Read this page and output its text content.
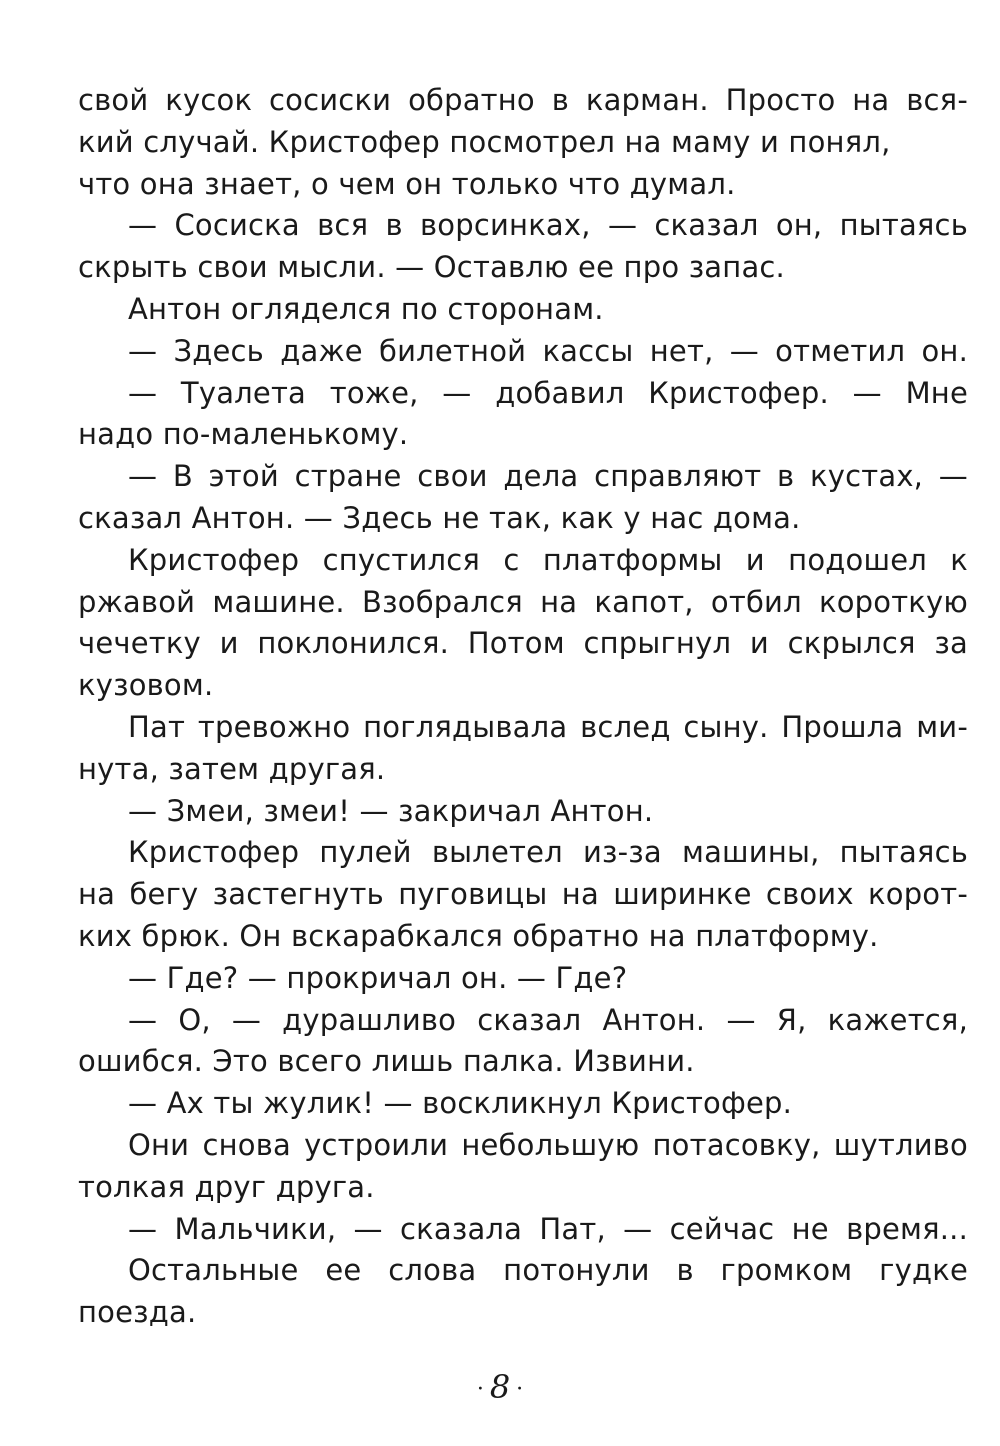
свой кусок сосиски обратно в карман. Просто на вся-
кий случай. Кристофер посмотрел на маму и понял,
что она знает, о чем он только что думал.
— Сосиска вся в ворсинках, — сказал он, пытаясь
скрыть свои мысли. — Оставлю ее про запас.
Антон огляделся по сторонам.
— Здесь даже билетной кассы нет, — отметил он.
— Туалета тоже, — добавил Кристофер. — Мне
надо по-маленькому.
— В этой стране свои дела справляют в кустах, —
сказал Антон. — Здесь не так, как у нас дома.
Кристофер спустился с платформы и подошел к
ржавой машине. Взобрался на капот, отбил короткую
чечетку и поклонился. Потом спрыгнул и скрылся за
кузовом.
Пат тревожно поглядывала вслед сыну. Прошла ми-
нута, затем другая.
— Змеи, змеи! — закричал Антон.
Кристофер пулей вылетел из-за машины, пытаясь
на бегу застегнуть пуговицы на ширинке своих корот-
ких брюк. Он вскарабкался обратно на платформу.
— Где? — прокричал он. — Где?
— О, — дурашливо сказал Антон. — Я, кажется,
ошибся. Это всего лишь палка. Извини.
— Ах ты жулик! — воскликнул Кристофер.
Они снова устроили небольшую потасовку, шутливо
толкая друг друга.
— Мальчики, — сказала Пат, — сейчас не время...
Остальные ее слова потонули в громком гудке
поезда.
· 8 ·
